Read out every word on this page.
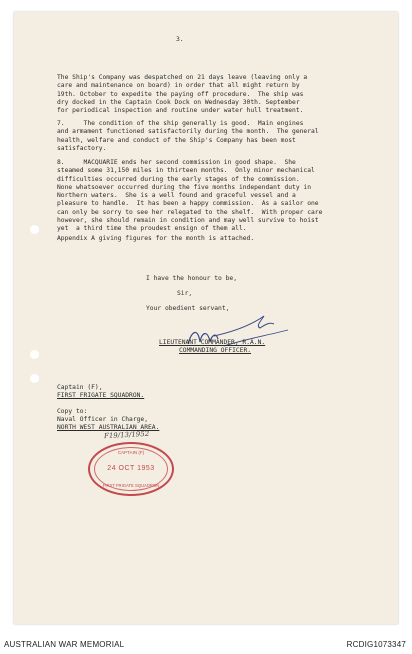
3.

The Ship's Company was despatched on 21 days leave (leaving only a
care and maintenance on board) in order that all might return by
19th. October to expedite the paying off procedure.  The ship was
dry docked in the Captain Cook Dock on Wednesday 30th. September
for periodical inspection and routine under water hull treatment.

7.     The condition of the ship generally is good.  Main engines
and armament functioned satisfactorily during the month.  The general
health, welfare and conduct of the Ship's Company has been most
satisfactory.

8.     MACQUARIE ends her second commission in good shape.  She
steamed some 31,150 miles in thirteen months.  Only minor mechanical
difficulties occurred during the early stages of the commission.
None whatsoever occurred during the five months independant duty in
Northern waters.  She is a well found and graceful vessel and a
pleasure to handle.  It has been a happy commission.  As a sailor one
can only be sorry to see her relegated to the shelf.  With proper care
however, she should remain in condition and may well survive to hoist
yet  a third time the proudest ensign of them all.

Appendix A giving figures for the month is attached.

I have the honour to be,

Sir,

Your obedient servant,

LIEUTENANT COMMANDER, R.A.N.

COMMANDING OFFICER.

Captain (F),

FIRST FRIGATE SQUADRON.

Copy to:

Naval Officer in Charge,

NORTH WEST AUSTRALIAN AREA.

F19/13/1952
CAPTAIN (F)
24 OCT 1953
FIRST FRIGATE SQUADRON
AUSTRALIAN WAR MEMORIAL	RCDIG1073347
